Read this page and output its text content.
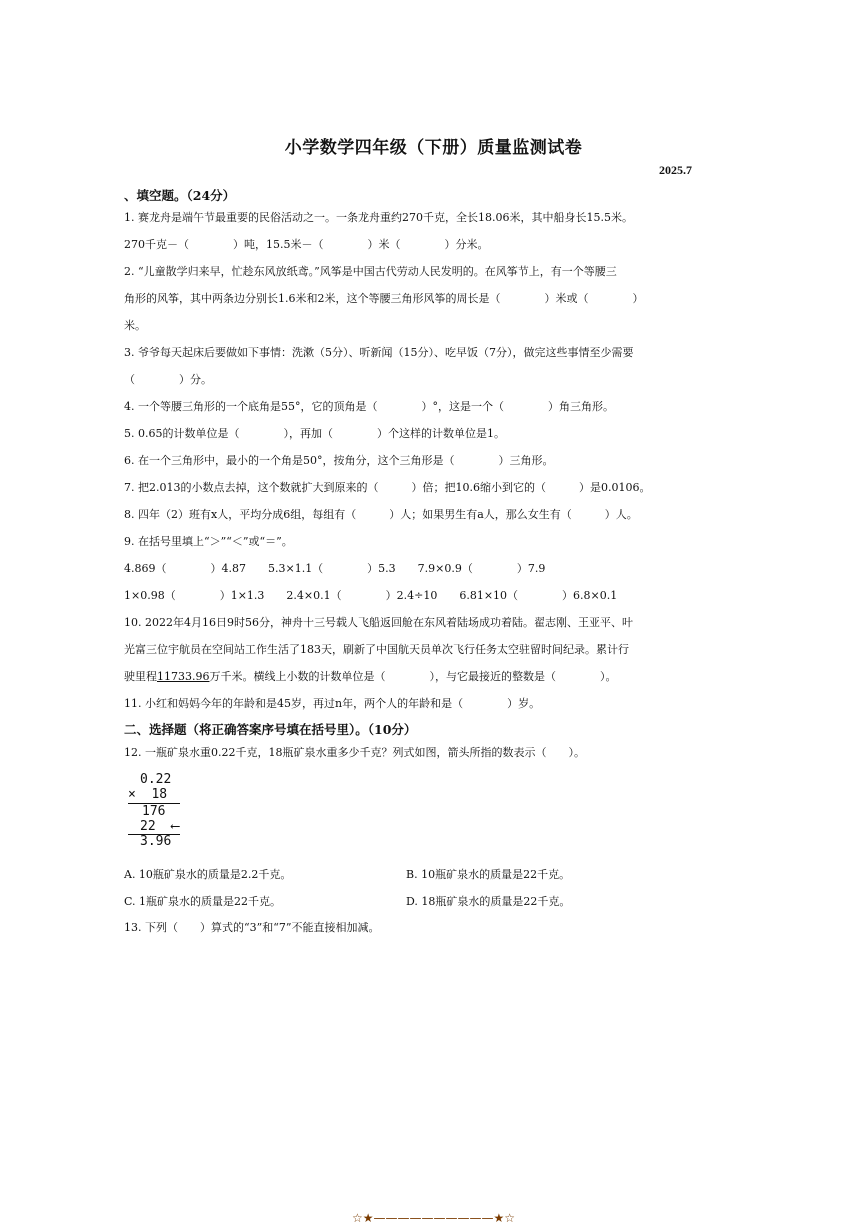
小学数学四年级（下册）质量监测试卷
2025.7
、填空题。（24分）
1. 赛龙舟是端午节最重要的民俗活动之一。一条龙舟重约270千克，全长18.06米，其中船身长15.5米。
270千克－（　　　　）吨，15.5米－（　　　　）米（　　　　）分米。
2. “儿童散学归来早，忙趁东风放纸鸢。”风筝是中国古代劳动人民发明的。在风筝节上，有一个等腰三
角形的风筝，其中两条边分别长1.6米和2米，这个等腰三角形风筝的周长是（　　　　）米或（　　　　）
米。
3. 爷爷每天起床后要做如下事情：洗漱（5分）、听新闻（15分）、吃早饭（7分），做完这些事情至少需要
（　　　　）分。
4. 一个等腰三角形的一个底角是55°，它的顶角是（　　　　）°，这是一个（　　　　）角三角形。
5. 0.65的计数单位是（　　　　），再加（　　　　）个这样的计数单位是1。
6. 在一个三角形中，最小的一个角是50°，按角分，这个三角形是（　　　　）三角形。
7. 把2.013的小数点去掉，这个数就扩大到原来的（　　　）倍；把10.6缩小到它的（　　　）是0.0106。
8. 四年（2）班有x人，平均分成6组，每组有（　　　）人；如果男生有a人，那么女生有（　　　）人。
9. 在括号里填上“＞”“＜”或“＝”。
4.869（　　　　）4.87　　5.3×1.1（　　　　）5.3　　7.9×0.9（　　　　）7.9
1×0.98（　　　　）1×1.3　　2.4×0.1（　　　　）2.4÷10　　6.81×10（　　　　）6.8×0.1
10. 2022年4月16日9时56分，神舟十三号载人飞船返回舱在东风着陆场成功着陆。翟志刚、王亚平、叶
光富三位宇航员在空间站工作生活了183天，刷新了中国航天员单次飞行任务太空驻留时间纪录。累计行
驶里程11733.96万千米。横线上小数的计数单位是（　　　　），与它最接近的整数是（　　　　）。
11. 小红和妈妈今年的年龄和是45岁，再过n年，两个人的年龄和是（　　　　）岁。
二、选择题（将正确答案序号填在括号里）。（10分）
12. 一瓶矿泉水重0.22千克，18瓶矿泉水重多少千克？列式如图，箭头所指的数表示（　　）。
0.22
×  18
176
22  ⟵
3.96
A. 10瓶矿泉水的质量是2.2千克。	B. 10瓶矿泉水的质量是22千克。
C. 1瓶矿泉水的质量是22千克。	D. 18瓶矿泉水的质量是22千克。
13. 下列（　　）算式的“3”和“7”不能直接相加减。
☆★——————————★☆
